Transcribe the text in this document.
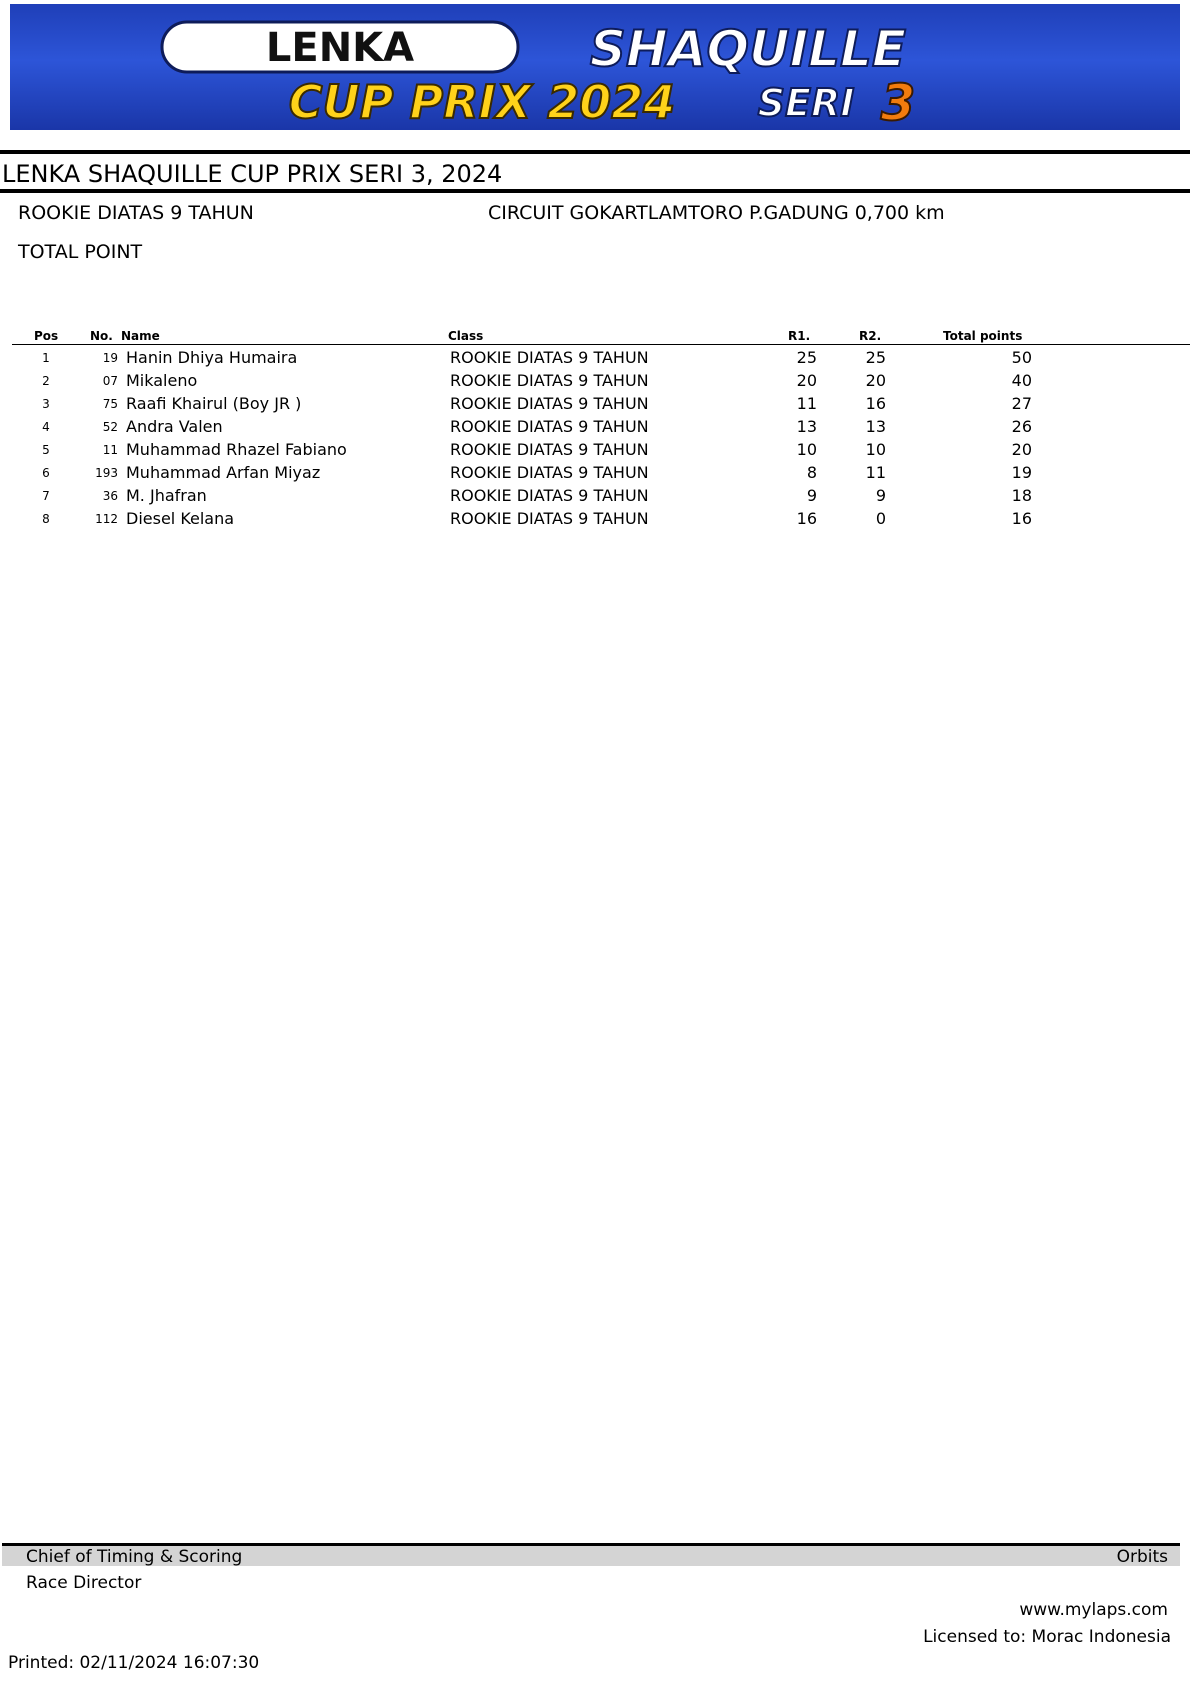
LENKA	SHAQUILLE
CUP PRIX 2024 SERI 3
LENKA SHAQUILLE CUP PRIX SERI 3, 2024
ROOKIE DIATAS 9 TAHUN	CIRCUIT GOKARTLAMTORO P.GADUNG 0,700 km
TOTAL POINT
Pos	No. Name	Class	R1.	R2.	Total points
1	19 Hanin Dhiya Humaira	ROOKIE DIATAS 9 TAHUN	25	25	50
2	07 Mikaleno	ROOKIE DIATAS 9 TAHUN	20	20	40
3	75 Raafi Khairul (Boy JR )	ROOKIE DIATAS 9 TAHUN	11	16	27
4	52 Andra Valen	ROOKIE DIATAS 9 TAHUN	13	13	26
5	11 Muhammad Rhazel Fabiano	ROOKIE DIATAS 9 TAHUN	10	10	20
6	193 Muhammad Arfan Miyaz	ROOKIE DIATAS 9 TAHUN	8	11	19
7	36 M. Jhafran	ROOKIE DIATAS 9 TAHUN	9	9	18
8	112 Diesel Kelana	ROOKIE DIATAS 9 TAHUN	16	0	16
Chief of Timing & Scoring	Orbits
Race Director
www.mylaps.com
Licensed to: Morac Indonesia
Printed: 02/11/2024 16:07:30
